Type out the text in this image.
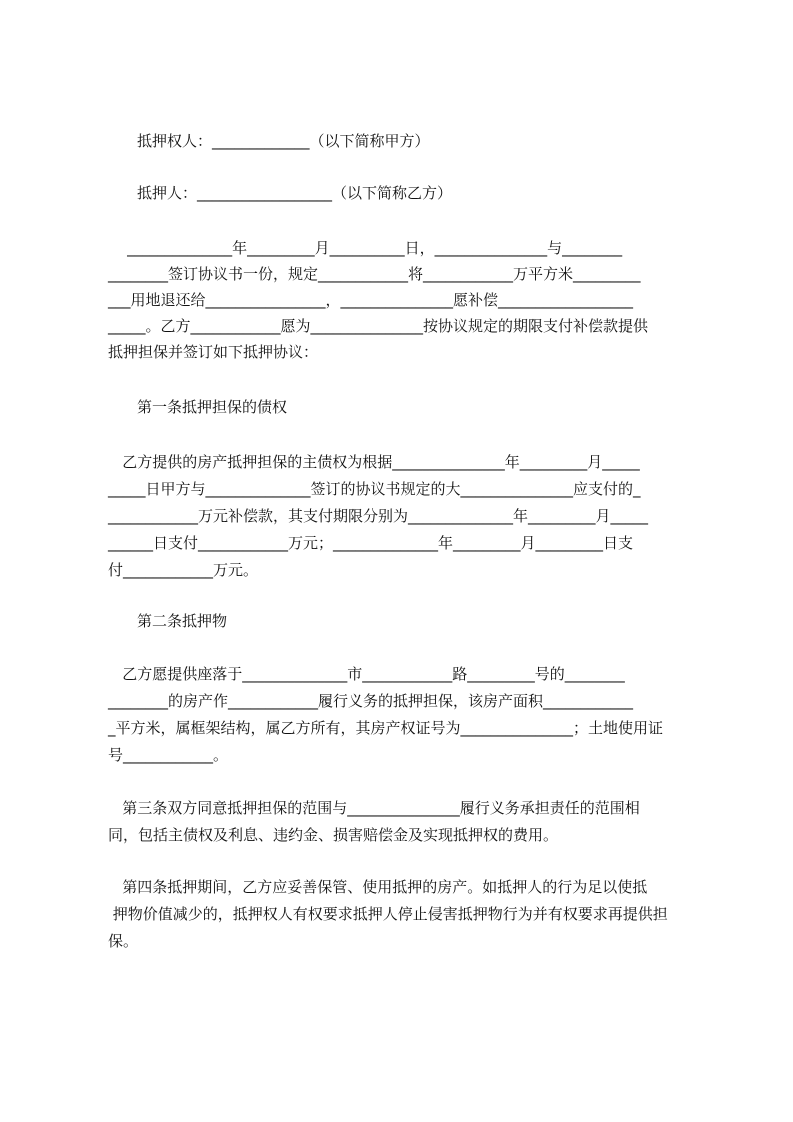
抵押权人：_____________（以下简称甲方）
抵押人：__________________（以下简称乙方）
______________年_________月__________日，_______________与________
________签订协议书一份，规定____________将____________万平方米_________
___用地退还给________________，_______________愿补偿__________________
_____。乙方____________愿为_______________按协议规定的期限支付补偿款提供
抵押担保并签订如下抵押协议：
第一条抵押担保的债权
乙方提供的房产抵押担保的主债权为根据_______________年_________月_____
_____日甲方与______________签订的协议书规定的大_______________应支付的_
____________万元补偿款，其支付期限分别为______________年_________月_____
______日支付____________万元；______________年_________月_________日支
付____________万元。
第二条抵押物
乙方愿提供座落于______________市____________路_________号的________
________的房产作____________履行义务的抵押担保，该房产面积____________
_平方米，属框架结构，属乙方所有，其房产权证号为_______________；土地使用证
号____________。
第三条双方同意抵押担保的范围与_______________履行义务承担责任的范围相
同，包括主债权及利息、违约金、损害赔偿金及实现抵押权的费用。
第四条抵押期间，乙方应妥善保管、使用抵押的房产。如抵押人的行为足以使抵
押物价值减少的，抵押权人有权要求抵押人停止侵害抵押物行为并有权要求再提供担
保。
